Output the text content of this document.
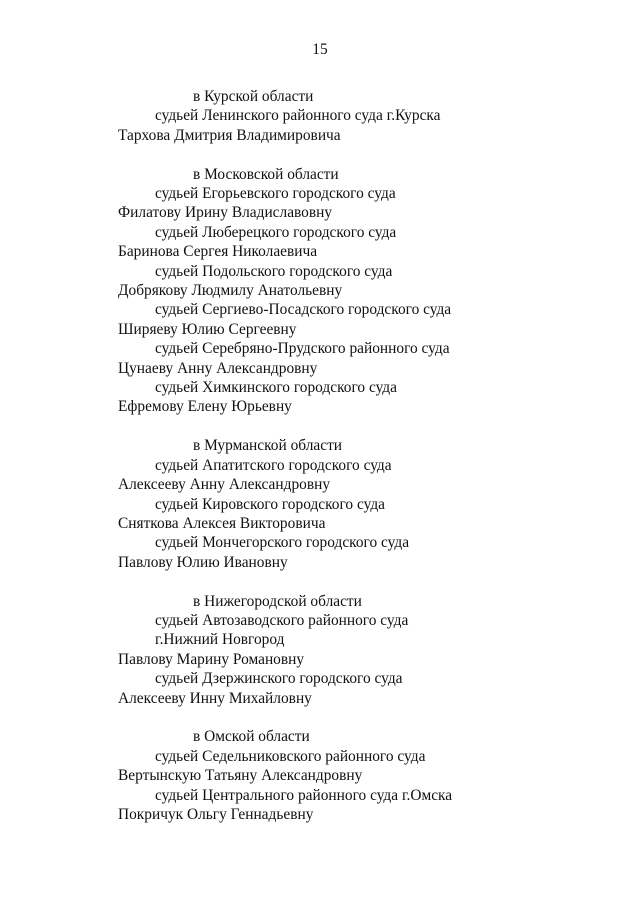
15
в Курской области
судьей Ленинского районного суда г.Курска
Тархова Дмитрия Владимировича
в Московской области
судьей Егорьевского городского суда
Филатову Ирину Владиславовну
судьей Люберецкого городского суда
Баринова Сергея Николаевича
судьей Подольского городского суда
Добрякову Людмилу Анатольевну
судьей Сергиево-Посадского городского суда
Ширяеву Юлию Сергеевну
судьей Серебряно-Прудского районного суда
Цунаеву Анну Александровну
судьей Химкинского городского суда
Ефремову Елену Юрьевну
в Мурманской области
судьей Апатитского городского суда
Алексееву Анну Александровну
судьей Кировского городского суда
Сняткова Алексея Викторовича
судьей Мончегорского городского суда
Павлову Юлию Ивановну
в Нижегородской области
судьей Автозаводского районного суда
г.Нижний Новгород
Павлову Марину Романовну
судьей Дзержинского городского суда
Алексееву Инну Михайловну
в Омской области
судьей Седельниковского районного суда
Вертынскую Татьяну Александровну
судьей Центрального районного суда г.Омска
Покричук Ольгу Геннадьевну
